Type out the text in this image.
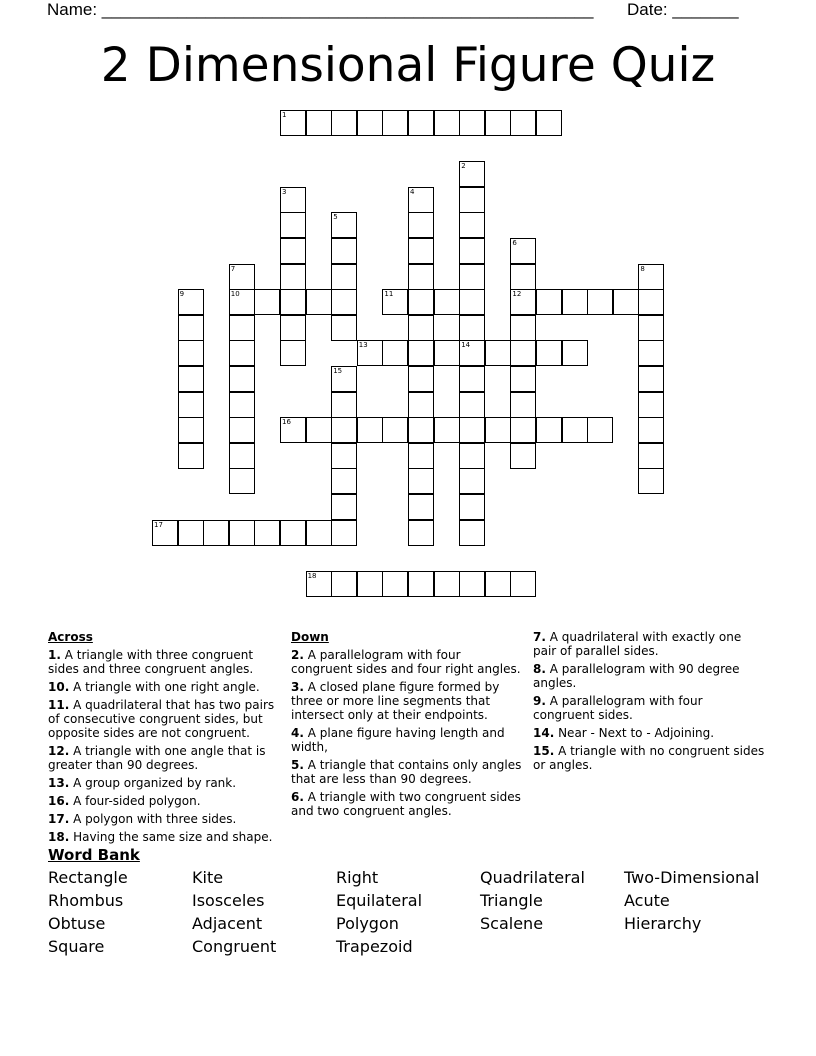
Name: ____________________________________________________ Date: _______
2 Dimensional Figure Quiz
1
2
14
3	4
5
6
12
7
10
8
9	11
13
15
16
17
18
Across
1. A triangle with three congruent sides and three congruent angles.
10. A triangle with one right angle.
11. A quadrilateral that has two pairs of consecutive congruent sides, but opposite sides are not congruent.
12. A triangle with one angle that is greater than 90 degrees.
13. A group organized by rank.
16. A four-sided polygon.
17. A polygon with three sides.
18. Having the same size and shape.
Down
2. A parallelogram with four congruent sides and four right angles.
3. A closed plane figure formed by three or more line segments that intersect only at their endpoints.
4. A plane figure having length and width,
5. A triangle that contains only angles that are less than 90 degrees.
6. A triangle with two congruent sides and two congruent angles.
7. A quadrilateral with exactly one pair of parallel sides.
8. A parallelogram with 90 degree angles.
9. A parallelogram with four congruent sides.
14. Near - Next to - Adjoining.
15. A triangle with no congruent sides or angles.
Word Bank
Rectangle	Kite	Right	Quadrilateral	Two-Dimensional
Rhombus	Isosceles	Equilateral	Triangle	Acute
Obtuse	Adjacent	Polygon	Scalene	Hierarchy
Square	Congruent	Trapezoid
